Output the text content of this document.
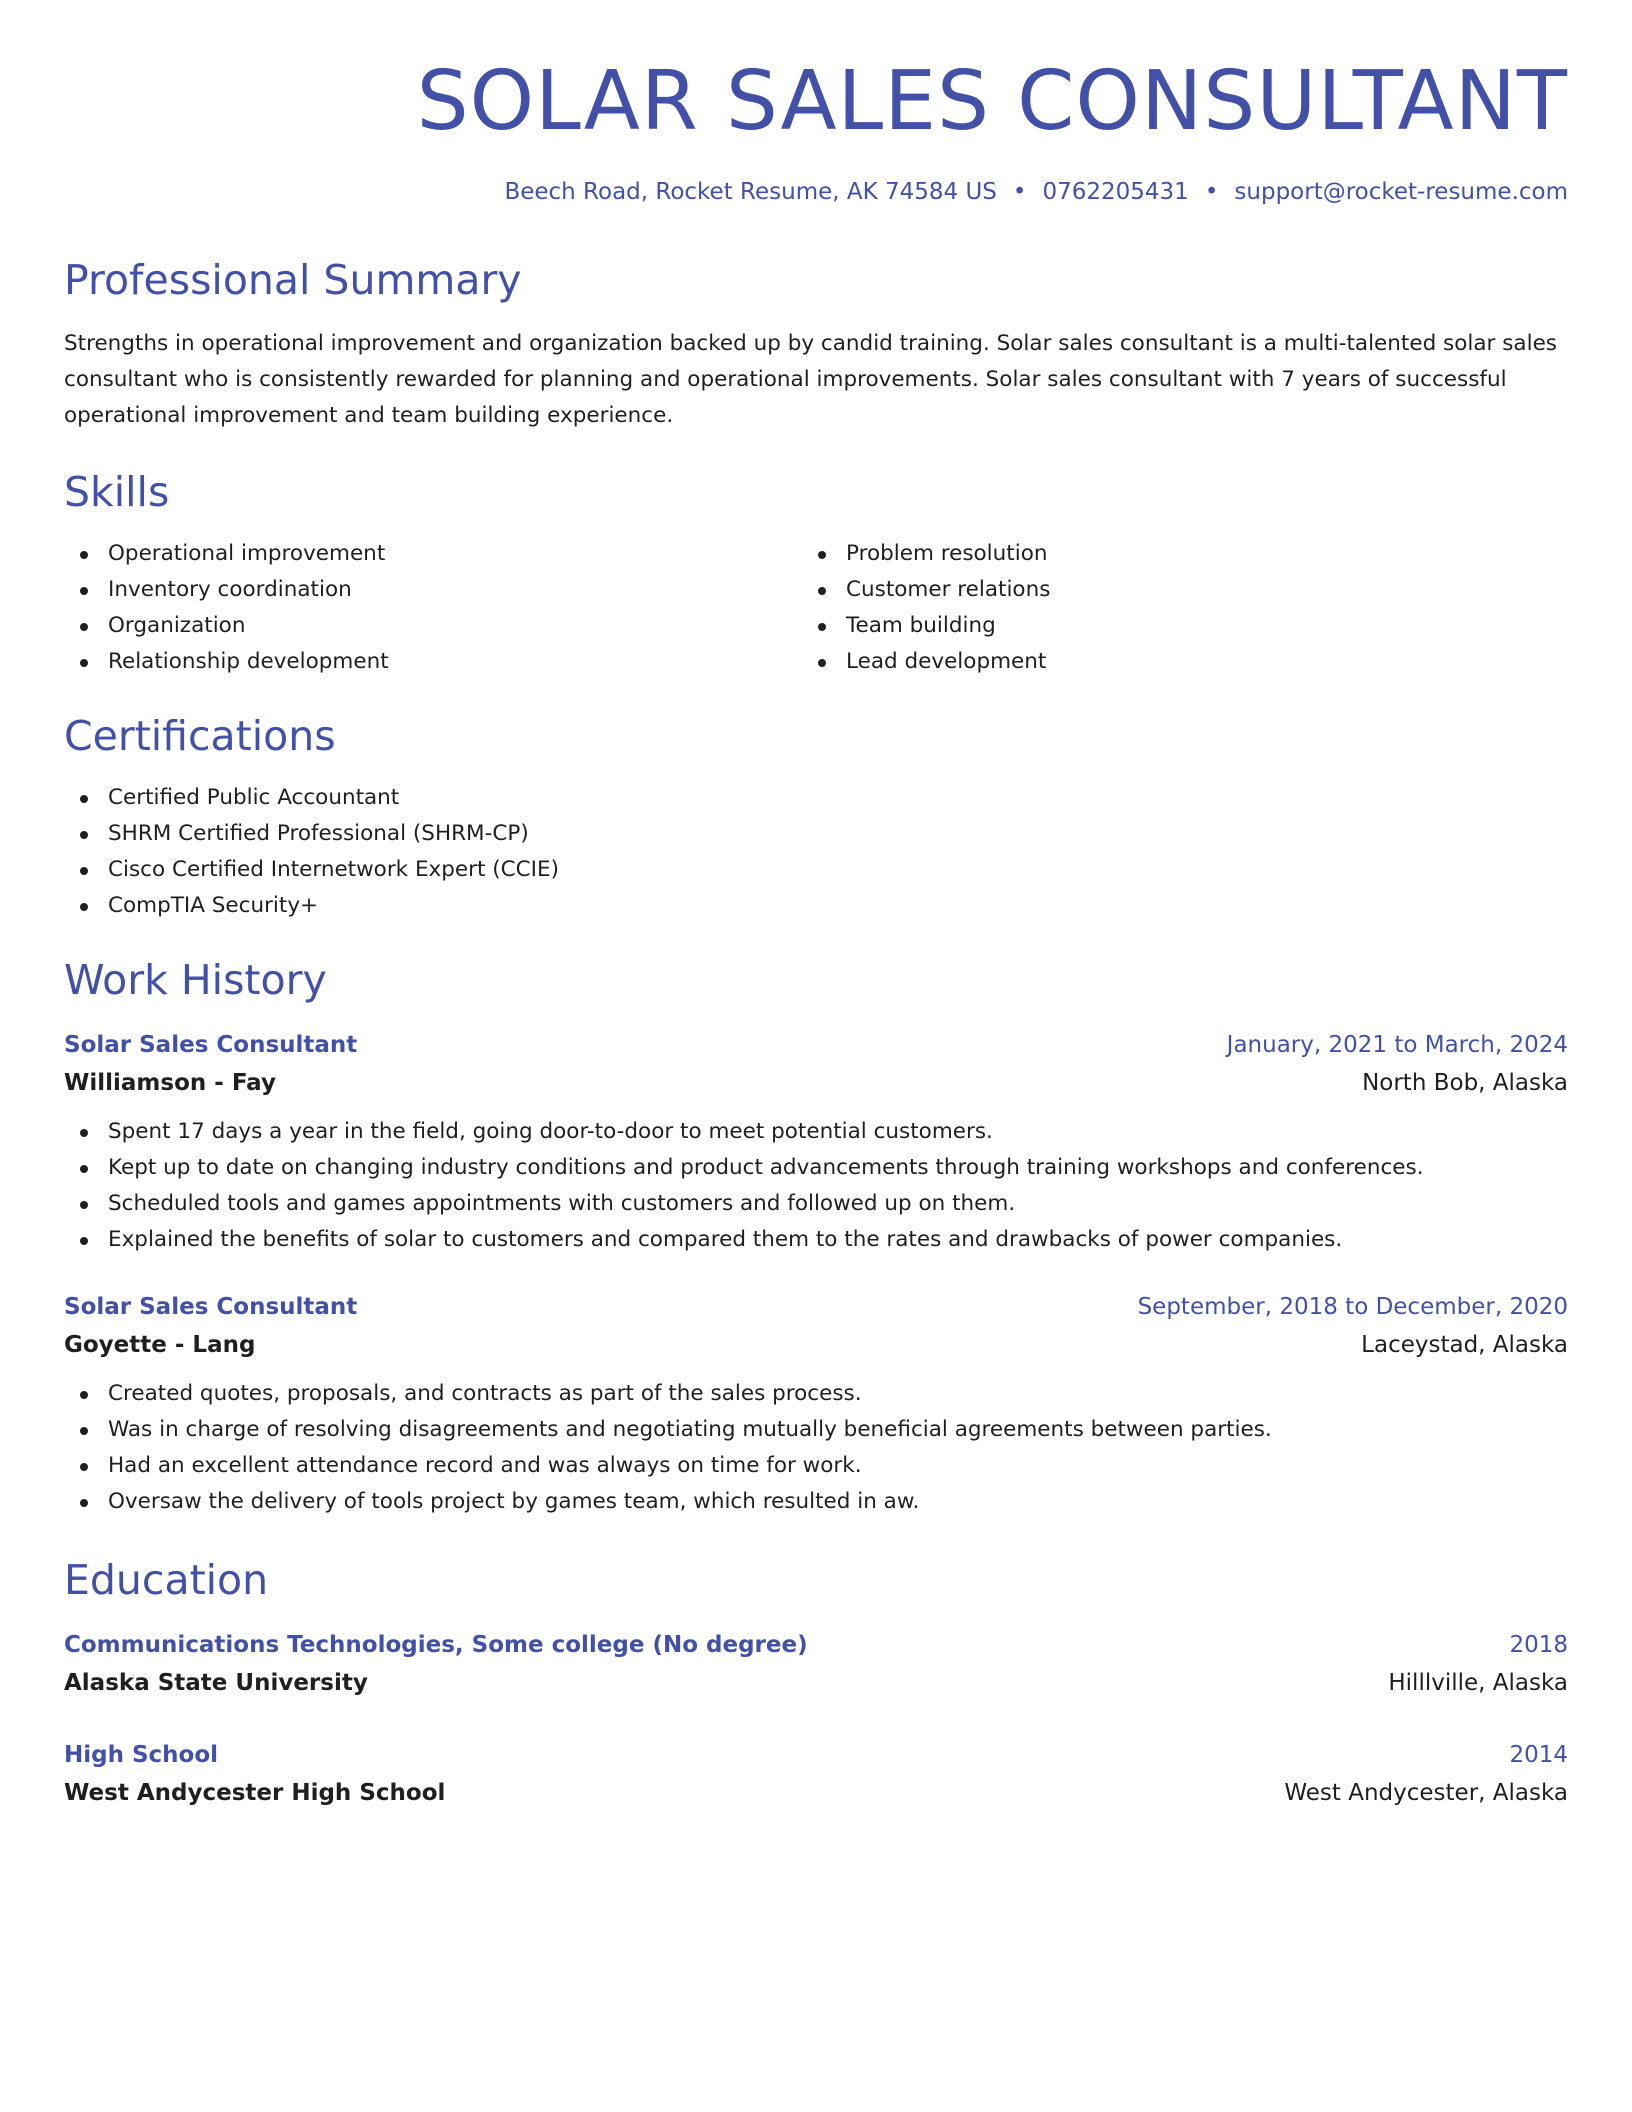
SOLAR SALES CONSULTANT
Beech Road, Rocket Resume, AK 74584 US • 0762205431 • support@rocket-resume.com
Professional Summary

Strengths in operational improvement and organization backed up by candid training. Solar sales consultant is a multi-talented solar sales consultant who is consistently rewarded for planning and operational improvements. Solar sales consultant with 7 years of successful operational improvement and team building experience.

Skills
Operational improvement
Inventory coordination
Organization
Relationship development
Problem resolution
Customer relations
Team building
Lead development
Certifications
Certified Public Accountant
SHRM Certified Professional (SHRM-CP)
Cisco Certified Internetwork Expert (CCIE)
CompTIA Security+
Work History
Solar Sales Consultant	January, 2021 to March, 2024
Williamson - Fay	North Bob, Alaska
Spent 17 days a year in the field, going door-to-door to meet potential customers.
Kept up to date on changing industry conditions and product advancements through training workshops and conferences.
Scheduled tools and games appointments with customers and followed up on them.
Explained the benefits of solar to customers and compared them to the rates and drawbacks of power companies.
Solar Sales Consultant	September, 2018 to December, 2020
Goyette - Lang	Laceystad, Alaska
Created quotes, proposals, and contracts as part of the sales process.
Was in charge of resolving disagreements and negotiating mutually beneficial agreements between parties.
Had an excellent attendance record and was always on time for work.
Oversaw the delivery of tools project by games team, which resulted in aw.
Education
Communications Technologies, Some college (No degree)	2018
Alaska State University	Hilllville, Alaska
High School	2014
West Andycester High School	West Andycester, Alaska
